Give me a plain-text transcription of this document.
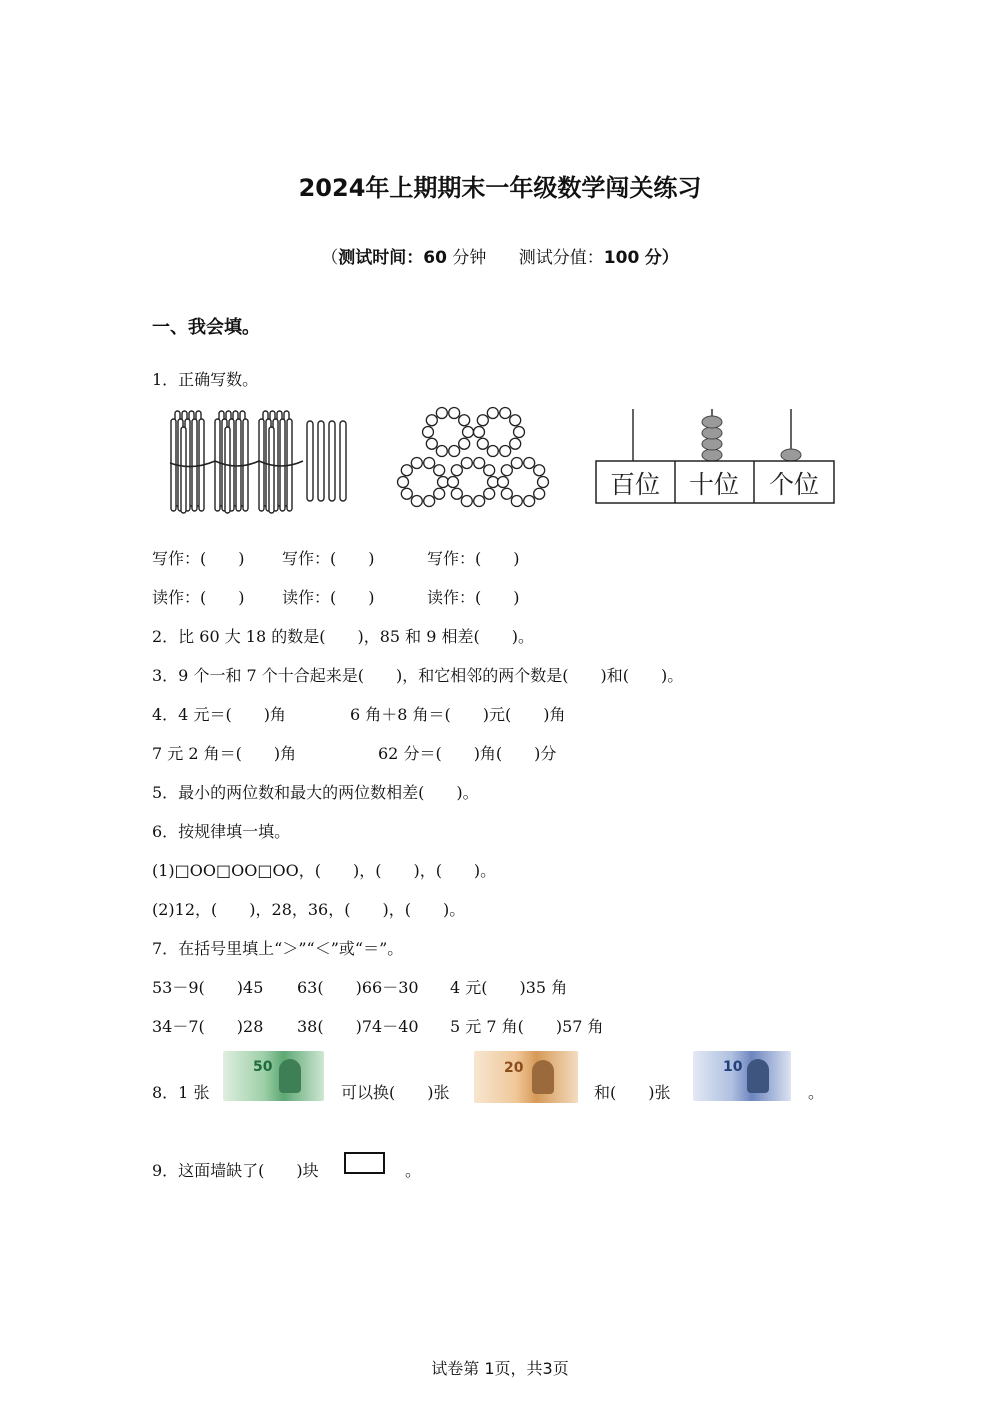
2024年上期期末一年级数学闯关练习
（测试时间：60 分钟 测试分值：100 分）
一、我会填。
1．正确写数。
百位 十位 个位
写作：(　　) 写作：(　　)	写作：(　　)
读作：(　　) 读作：(　　)	读作：(　　)
2．比 60 大 18 的数是(　　)，85 和 9 相差(　　)。
3．9 个一和 7 个十合起来是(　　)，和它相邻的两个数是(　　)和(　　)。
4．4 元＝(　　)角	6 角＋8 角＝(　　)元(　　)角
7 元 2 角＝(　　)角	62 分＝(　　)角(　　)分
5．最小的两位数和最大的两位数相差(　　)。
6．按规律填一填。
(1)□OO□OO□OO，(　　)，(　　)，(　　)。
(2)12，(　　)，28，36，(　　)，(　　)。
7．在括号里填上“＞”“＜”或“＝”。
53－9(　　)45 63(　　)66－30 4 元(　　)35 角
34－7(　　)28 38(　　)74－40 5 元 7 角(　　)57 角
8．1 张
50
可以换(　　)张
20
和(　　)张
10
。
9．这面墙缺了(　　)块	。
试卷第 1页，共3页
